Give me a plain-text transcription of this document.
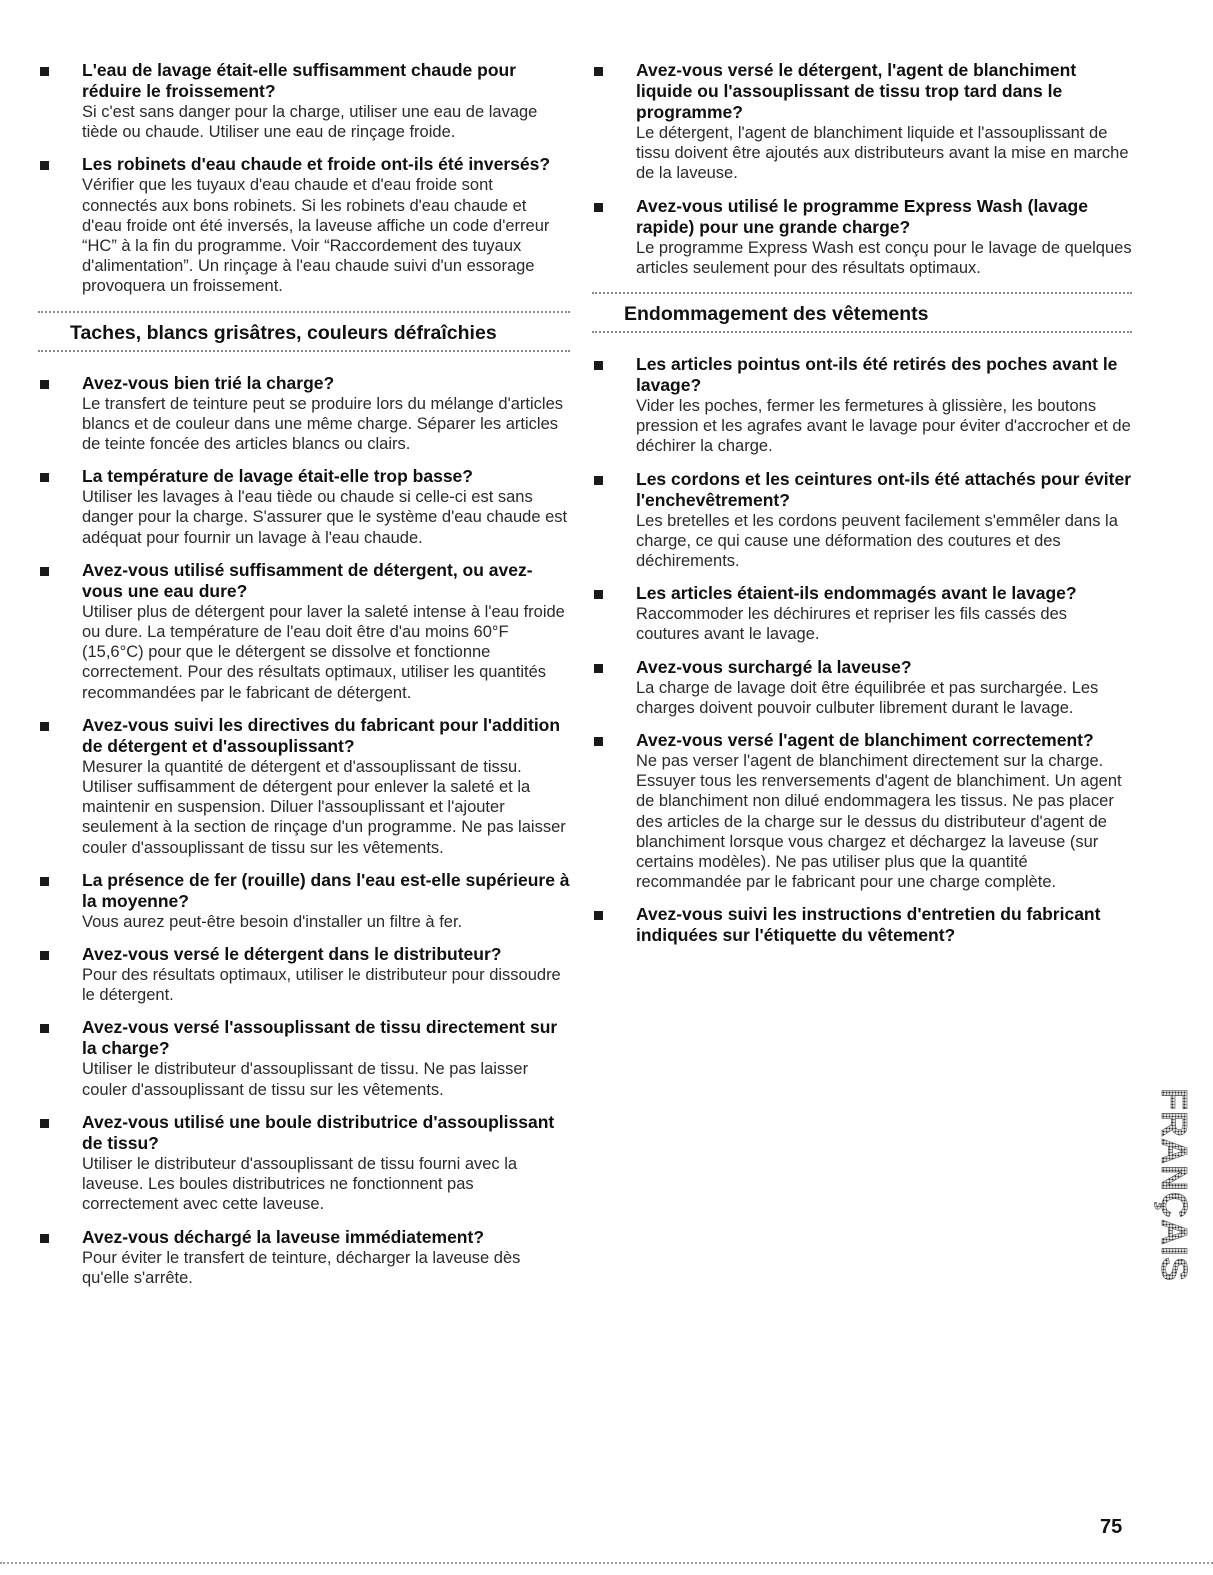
L'eau de lavage était-elle suffisamment chaude pour réduire le froissement?
Si c'est sans danger pour la charge, utiliser une eau de lavage tiède ou chaude. Utiliser une eau de rinçage froide.
Les robinets d'eau chaude et froide ont-ils été inversés?
Vérifier que les tuyaux d'eau chaude et d'eau froide sont connectés aux bons robinets. Si les robinets d'eau chaude et d'eau froide ont été inversés, la laveuse affiche un code d'erreur “HC” à la fin du programme. Voir “Raccordement des tuyaux d'alimentation”. Un rinçage à l'eau chaude suivi d'un essorage provoquera un froissement.
Taches, blancs grisâtres, couleurs défraîchies
Avez-vous bien trié la charge?
Le transfert de teinture peut se produire lors du mélange d'articles blancs et de couleur dans une même charge. Séparer les articles de teinte foncée des articles blancs ou clairs.
La température de lavage était-elle trop basse?
Utiliser les lavages à l'eau tiède ou chaude si celle-ci est sans danger pour la charge. S'assurer que le système d'eau chaude est adéquat pour fournir un lavage à l'eau chaude.
Avez-vous utilisé suffisamment de détergent, ou avez-vous une eau dure?
Utiliser plus de détergent pour laver la saleté intense à l'eau froide ou dure. La température de l'eau doit être d'au moins 60°F (15,6°C) pour que le détergent se dissolve et fonctionne correctement. Pour des résultats optimaux, utiliser les quantités recommandées par le fabricant de détergent.
Avez-vous suivi les directives du fabricant pour l'addition de détergent et d'assouplissant?
Mesurer la quantité de détergent et d'assouplissant de tissu. Utiliser suffisamment de détergent pour enlever la saleté et la maintenir en suspension. Diluer l'assouplissant et l'ajouter seulement à la section de rinçage d'un programme. Ne pas laisser couler d'assouplissant de tissu sur les vêtements.
La présence de fer (rouille) dans l'eau est-elle supérieure à la moyenne?
Vous aurez peut-être besoin d'installer un filtre à fer.
Avez-vous versé le détergent dans le distributeur?
Pour des résultats optimaux, utiliser le distributeur pour dissoudre le détergent.
Avez-vous versé l'assouplissant de tissu directement sur la charge?
Utiliser le distributeur d'assouplissant de tissu. Ne pas laisser couler d'assouplissant de tissu sur les vêtements.
Avez-vous utilisé une boule distributrice d'assouplissant de tissu?
Utiliser le distributeur d'assouplissant de tissu fourni avec la laveuse. Les boules distributrices ne fonctionnent pas correctement avec cette laveuse.
Avez-vous déchargé la laveuse immédiatement?
Pour éviter le transfert de teinture, décharger la laveuse dès qu'elle s'arrête.
Avez-vous versé le détergent, l'agent de blanchiment liquide ou l'assouplissant de tissu trop tard dans le programme?
Le détergent, l'agent de blanchiment liquide et l'assouplissant de tissu doivent être ajoutés aux distributeurs avant la mise en marche de la laveuse.
Avez-vous utilisé le programme Express Wash (lavage rapide) pour une grande charge?
Le programme Express Wash est conçu pour le lavage de quelques articles seulement pour des résultats optimaux.
Endommagement des vêtements
Les articles pointus ont-ils été retirés des poches avant le lavage?
Vider les poches, fermer les fermetures à glissière, les boutons pression et les agrafes avant le lavage pour éviter d'accrocher et de déchirer la charge.
Les cordons et les ceintures ont-ils été attachés pour éviter l'enchevêtrement?
Les bretelles et les cordons peuvent facilement s'emmêler dans la charge, ce qui cause une déformation des coutures et des déchirements.
Les articles étaient-ils endommagés avant le lavage?
Raccommoder les déchirures et repriser les fils cassés des coutures avant le lavage.
Avez-vous surchargé la laveuse?
La charge de lavage doit être équilibrée et pas surchargée. Les charges doivent pouvoir culbuter librement durant le lavage.
Avez-vous versé l'agent de blanchiment correctement?
Ne pas verser l'agent de blanchiment directement sur la charge. Essuyer tous les renversements d'agent de blanchiment. Un agent de blanchiment non dilué endommagera les tissus. Ne pas placer des articles de la charge sur le dessus du distributeur d'agent de blanchiment lorsque vous chargez et déchargez la laveuse (sur certains modèles). Ne pas utiliser plus que la quantité recommandée par le fabricant pour une charge complète.
Avez-vous suivi les instructions d'entretien du fabricant indiquées sur l'étiquette du vêtement?
FRANÇAIS
75
